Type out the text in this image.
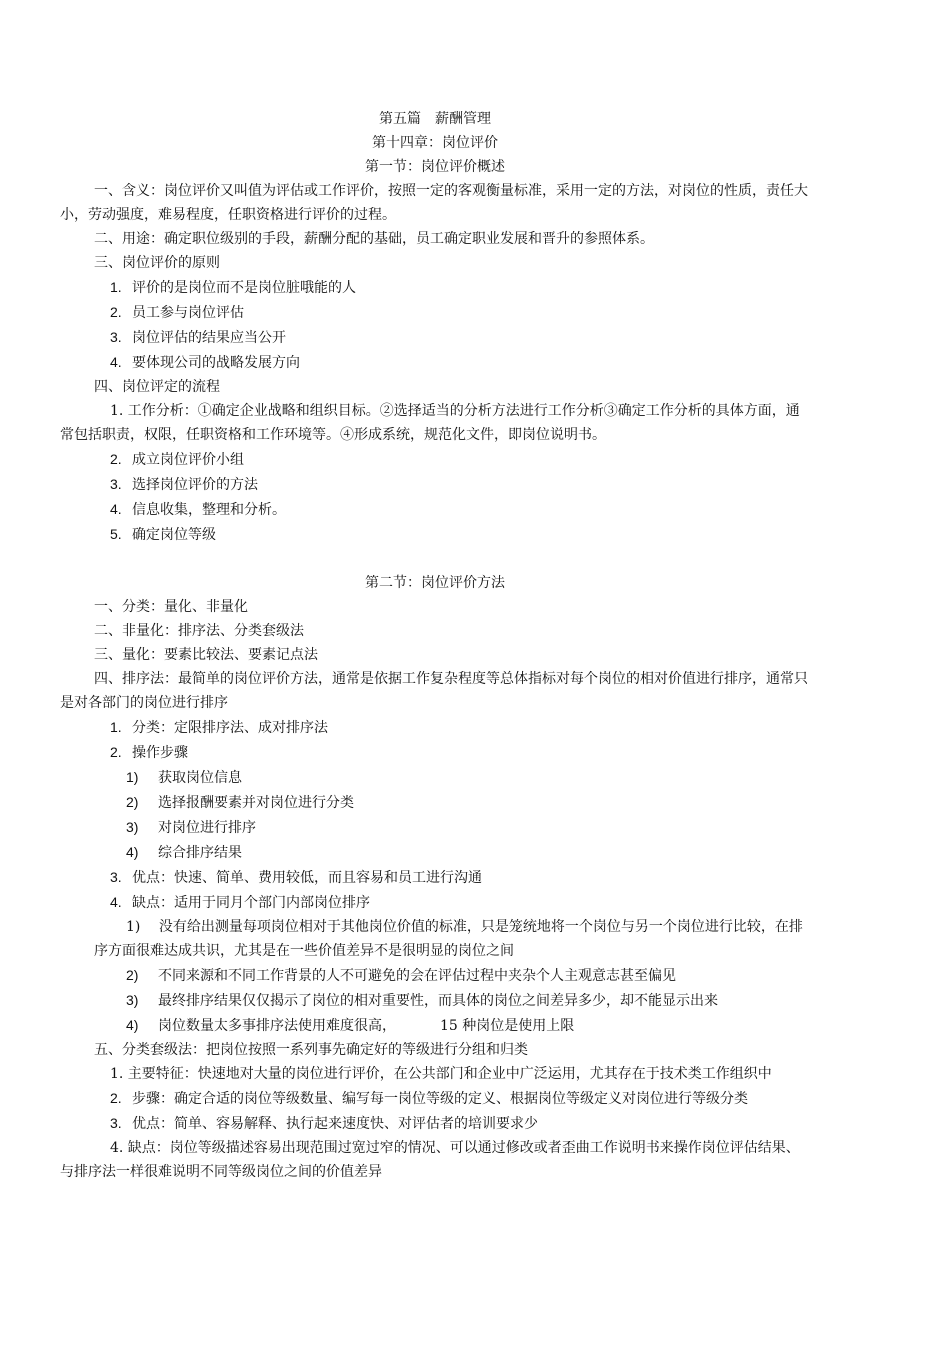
第五篇　薪酬管理

第十四章：岗位评价

第一节：岗位评价概述

一、含义：岗位评价又叫值为评估或工作评价，按照一定的客观衡量标准，采用一定的方法，对岗位的性质，责任大小，劳动强度，难易程度，任职资格进行评价的过程。

二、用途：确定职位级别的手段，薪酬分配的基础，员工确定职业发展和晋升的参照体系。

三、岗位评价的原则

1. 评价的是岗位而不是岗位脏哦能的人

2. 员工参与岗位评估

3. 岗位评估的结果应当公开

4. 要体现公司的战略发展方向

四、岗位评定的流程

1. 工作分析：①确定企业战略和组织目标。②选择适当的分析方法进行工作分析③确定工作分析的具体方面，通常包括职责，权限，任职资格和工作环境等。④形成系统，规范化文件，即岗位说明书。

2. 成立岗位评价小组

3. 选择岗位评价的方法

4. 信息收集，整理和分析。

5. 确定岗位等级

第二节：岗位评价方法

一、分类：量化、非量化

二、非量化：排序法、分类套级法

三、量化：要素比较法、要素记点法

四、排序法：最简单的岗位评价方法，通常是依据工作复杂程度等总体指标对每个岗位的相对价值进行排序，通常只是对各部门的岗位进行排序

1. 分类：定限排序法、成对排序法

2. 操作步骤

1) 获取岗位信息

2) 选择报酬要素并对岗位进行分类

3) 对岗位进行排序

4) 综合排序结果

3. 优点：快速、简单、费用较低，而且容易和员工进行沟通

4. 缺点：适用于同月个部门内部岗位排序

1)　 没有给出测量每项岗位相对于其他岗位价值的标准，只是笼统地将一个岗位与另一个岗位进行比较，在排序方面很难达成共识，尤其是在一些价值差异不是很明显的岗位之间

2) 不同来源和不同工作背景的人不可避免的会在评估过程中夹杂个人主观意志甚至偏见

3) 最终排序结果仅仅揭示了岗位的相对重要性，而具体的岗位之间差异多少，却不能显示出来

4) 岗位数量太多事排序法使用难度很高，	15 种岗位是使用上限

五、分类套级法：把岗位按照一系列事先确定好的等级进行分组和归类

1. 主要特征：快速地对大量的岗位进行评价，在公共部门和企业中广泛运用，尤其存在于技术类工作组织中

2. 步骤：确定合适的岗位等级数量、编写每一岗位等级的定义、根据岗位等级定义对岗位进行等级分类

3. 优点：简单、容易解释、执行起来速度快、对评估者的培训要求少

4. 缺点：岗位等级描述容易出现范围过宽过窄的情况、可以通过修改或者歪曲工作说明书来操作岗位评估结果、与排序法一样很难说明不同等级岗位之间的价值差异
